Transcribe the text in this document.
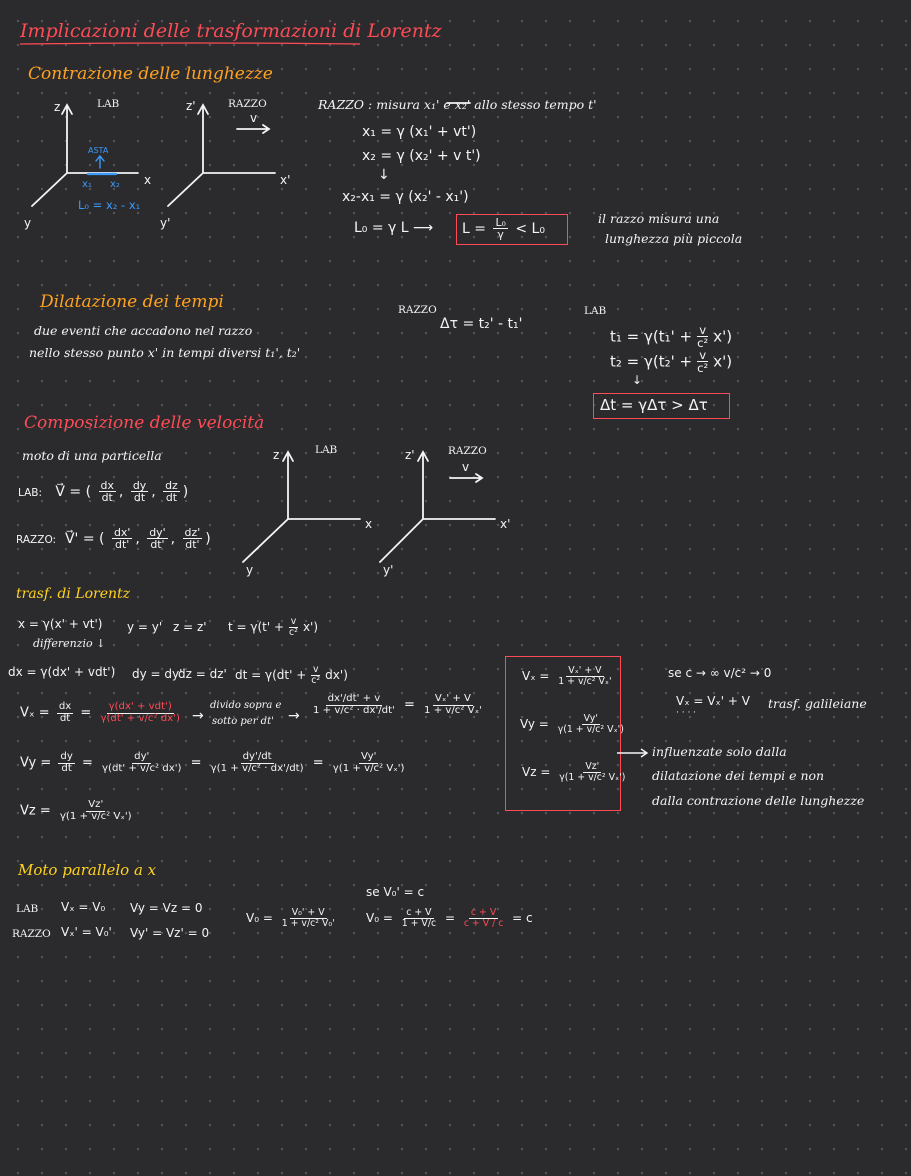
Implicazioni delle trasformazioni di Lorentz
Contrazione delle lunghezze
z	LAB
x
y
ASTA
x₁ x₂
L₀ = x₂ - x₁
z'	RAZZO
v
x'
y'
RAZZO : misura x₁' e x₂' allo stesso tempo t'
x₁ = γ (x₁' + vt')
x₂ = γ (x₂' + v t')
↓
x₂-x₁ = γ (x₂' - x₁')
L₀ = γ L ⟶ $L = \frac{\text{L₀}}{\gamma} < L_0$
il razzo misura una
lunghezza più piccola
Dilatazione dei tempi
due eventi che accadono nel razzo
nello stesso punto x' in tempi diversi t₁', t₂'
RAZZO
Δτ = t₂' - t₁'
LAB
$t_1 = \gamma(t_1' + \frac{v}{\text{c²}} x')$
$t_2 = \gamma(t_2' + \frac{v}{\text{c²}} x')$
↓
Δt = γΔτ > Δτ
Composizione delle velocità
moto di una particella
LAB: V⃗ = ( $\frac{dx}{dt}$ , $\frac{dy}{dt}$ , $\frac{dz}{dt}$ )
RAZZO: V⃗' = ( $\frac{dx'}{dt'}$ , $\frac{dy'}{dt'}$ , $\frac{dz'}{dt'}$ )
z	LAB
x
y
z'	RAZZO
v
x'
y'
trasf. di Lorentz
x = γ(x' + vt') y = y' z = z' $t = \gamma(t' + \frac{v}{\text{c²}} x')$
differenzio ↓
dx = γ(dx' + vdt') dy = dy'
dz = dz' dt = $\gamma(dt' + \frac{v}{\text{c²}} dx')$
$V_x = \frac{dx}{dt} = \frac{\text{γ(dx' + vdt')}}{\text{γ(dt' + v/c² dx')}}$ →
divido sopra e
sotto per $dt' \to \frac{dx'/dt' + v}{\text{1 + v/c² · dx'/dt'}} = \frac{\text{Vₓ' + V}}{\text{1 + v/c² Vₓ'}}$
$Vy = \frac{dy}{dt} = \frac{dy'}{\text{γ(dt' + v/c² dx')}} = \frac{dy'/dt}{\text{γ(1 + v/c² · dx'/dt)}} = \frac{Vy'}{\text{γ(1 + v/c² Vₓ')}}$
$Vz = \frac{Vz'}{\text{γ(1 + v/c² Vₓ')}}$
$V_x = \frac{\text{Vₓ' + V}}{\text{1 + v/c² Vₓ'}}$
$Vy = \frac{Vy'}{\text{γ(1 + v/c² Vₓ')}}$
$Vz = \frac{Vz'}{\text{γ(1 + v/c² Vₓ')}}$
influenzate solo dalla
dilatazione dei tempi e non
dalla contrazione delle lunghezze
se c → ∞ v/c² → 0
Vₓ = Vₓ' + V trasf. galileiane
· · · ·
Moto parallelo a x
LAB
RAZZO
Vₓ = V₀ Vy = Vz = 0
Vₓ' = V₀' Vy' = Vz' = 0
$V_0 = \frac{\text{V₀' + V}}{\text{1 + v/c² V₀'}}$
se V₀' = c
$V_0 = \frac{c + V}{1 + V/c} = \frac{c + V}{c + V / c} = c$
